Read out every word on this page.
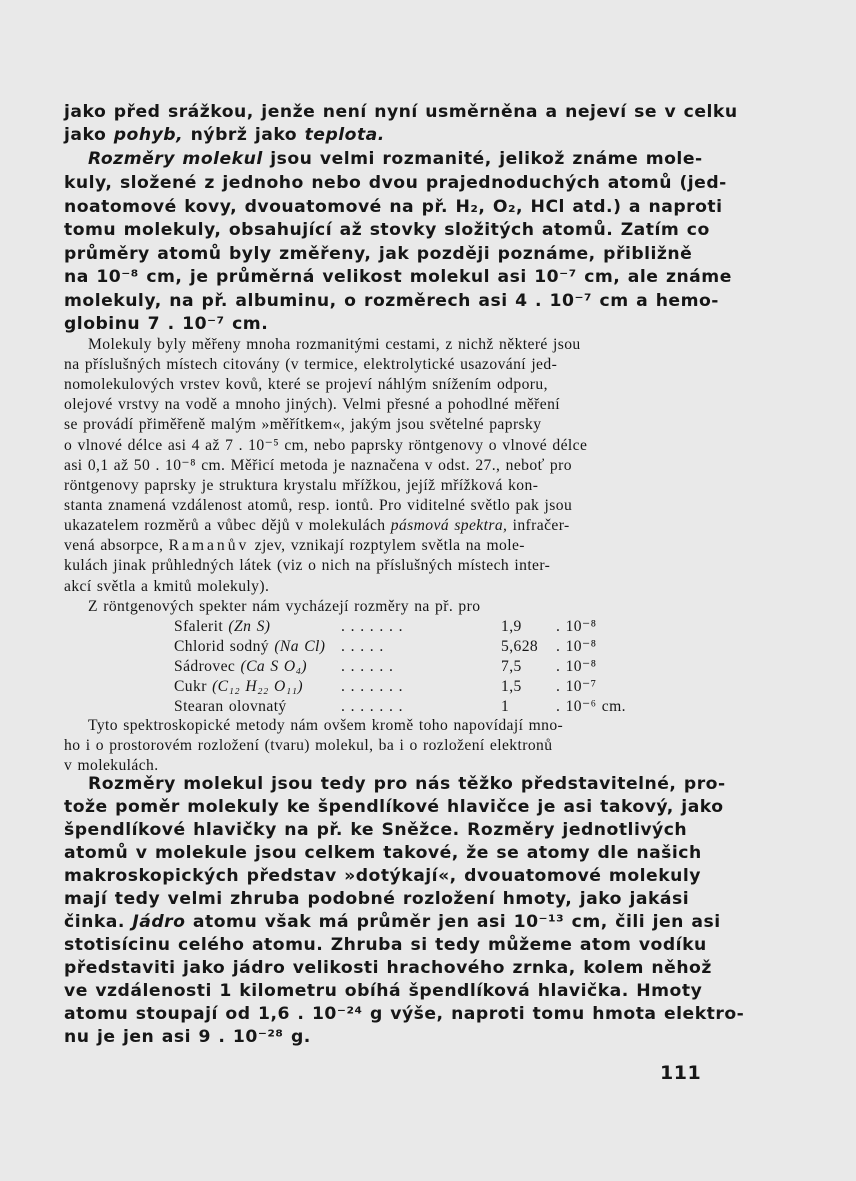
jako před srážkou, jenže není nyní usměrněna a nejeví se v celku
jako pohyb, nýbrž jako teplota.
Rozměry molekul jsou velmi rozmanité, jelikož známe mole-
kuly, složené z jednoho nebo dvou prajednoduchých atomů (jed-
noatomové kovy, dvouatomové na př. H₂, O₂, HCl atd.) a naproti
tomu molekuly, obsahující až stovky složitých atomů. Zatím co
průměry atomů byly změřeny, jak později poznáme, přibližně
na 10⁻⁸ cm, je průměrná velikost molekul asi 10⁻⁷ cm, ale známe
molekuly, na př. albuminu, o rozměrech asi 4 . 10⁻⁷ cm a hemo-
globinu 7 . 10⁻⁷ cm.
Molekuly byly měřeny mnoha rozmanitými cestami, z nichž některé jsou
na příslušných místech citovány (v termice, elektrolytické usazování jed-
nomolekulových vrstev kovů, které se projeví náhlým snížením odporu,
olejové vrstvy na vodě a mnoho jiných). Velmi přesné a pohodlné měření
se provádí přiměřeně malým »měřítkem«, jakým jsou světelné paprsky
o vlnové délce asi 4 až 7 . 10⁻⁵ cm, nebo paprsky röntgenovy o vlnové délce
asi 0,1 až 50 . 10⁻⁸ cm. Měřicí metoda je naznačena v odst. 27., neboť pro
röntgenovy paprsky je struktura krystalu mřížkou, jejíž mřížková kon-
stanta znamená vzdálenost atomů, resp. iontů. Pro viditelné světlo pak jsou
ukazatelem rozměrů a vůbec dějů v molekulách pásmová spektra, infračer-
vená absorpce, Ramanův zjev, vznikají rozptylem světla na mole-
kulách jinak průhledných látek (viz o nich na příslušných místech inter-
akcí světla a kmitů molekuly).
Z röntgenových spekter nám vycházejí rozměry na př. pro
Sfalerit (Zn S)	. . . . . . .	1,9 . 10⁻⁸
Chlorid sodný (Na Cl) . . . . .	5,628 . 10⁻⁸
Sádrovec (Ca S O₄) . . . . . .	7,5 . 10⁻⁸
Cukr (C₁₂ H₂₂ O₁₁) . . . . . . .	1,5 . 10⁻⁷
Stearan olovnatý	. . . . . . .	1	. 10⁻⁶ cm.
Tyto spektroskopické metody nám ovšem kromě toho napovídají mno-
ho i o prostorovém rozložení (tvaru) molekul, ba i o rozložení elektronů
v molekulách.
Rozměry molekul jsou tedy pro nás těžko představitelné, pro-
tože poměr molekuly ke špendlíkové hlavičce je asi takový, jako
špendlíkové hlavičky na př. ke Sněžce. Rozměry jednotlivých
atomů v molekule jsou celkem takové, že se atomy dle našich
makroskopických představ »dotýkají«, dvouatomové molekuly
mají tedy velmi zhruba podobné rozložení hmoty, jako jakási
činka. Jádro atomu však má průměr jen asi 10⁻¹³ cm, čili jen asi
stotisícinu celého atomu. Zhruba si tedy můžeme atom vodíku
představiti jako jádro velikosti hrachového zrnka, kolem něhož
ve vzdálenosti 1 kilometru obíhá špendlíková hlavička. Hmoty
atomu stoupají od 1,6 . 10⁻²⁴ g výše, naproti tomu hmota elektro-
nu je jen asi 9 . 10⁻²⁸ g.
111
